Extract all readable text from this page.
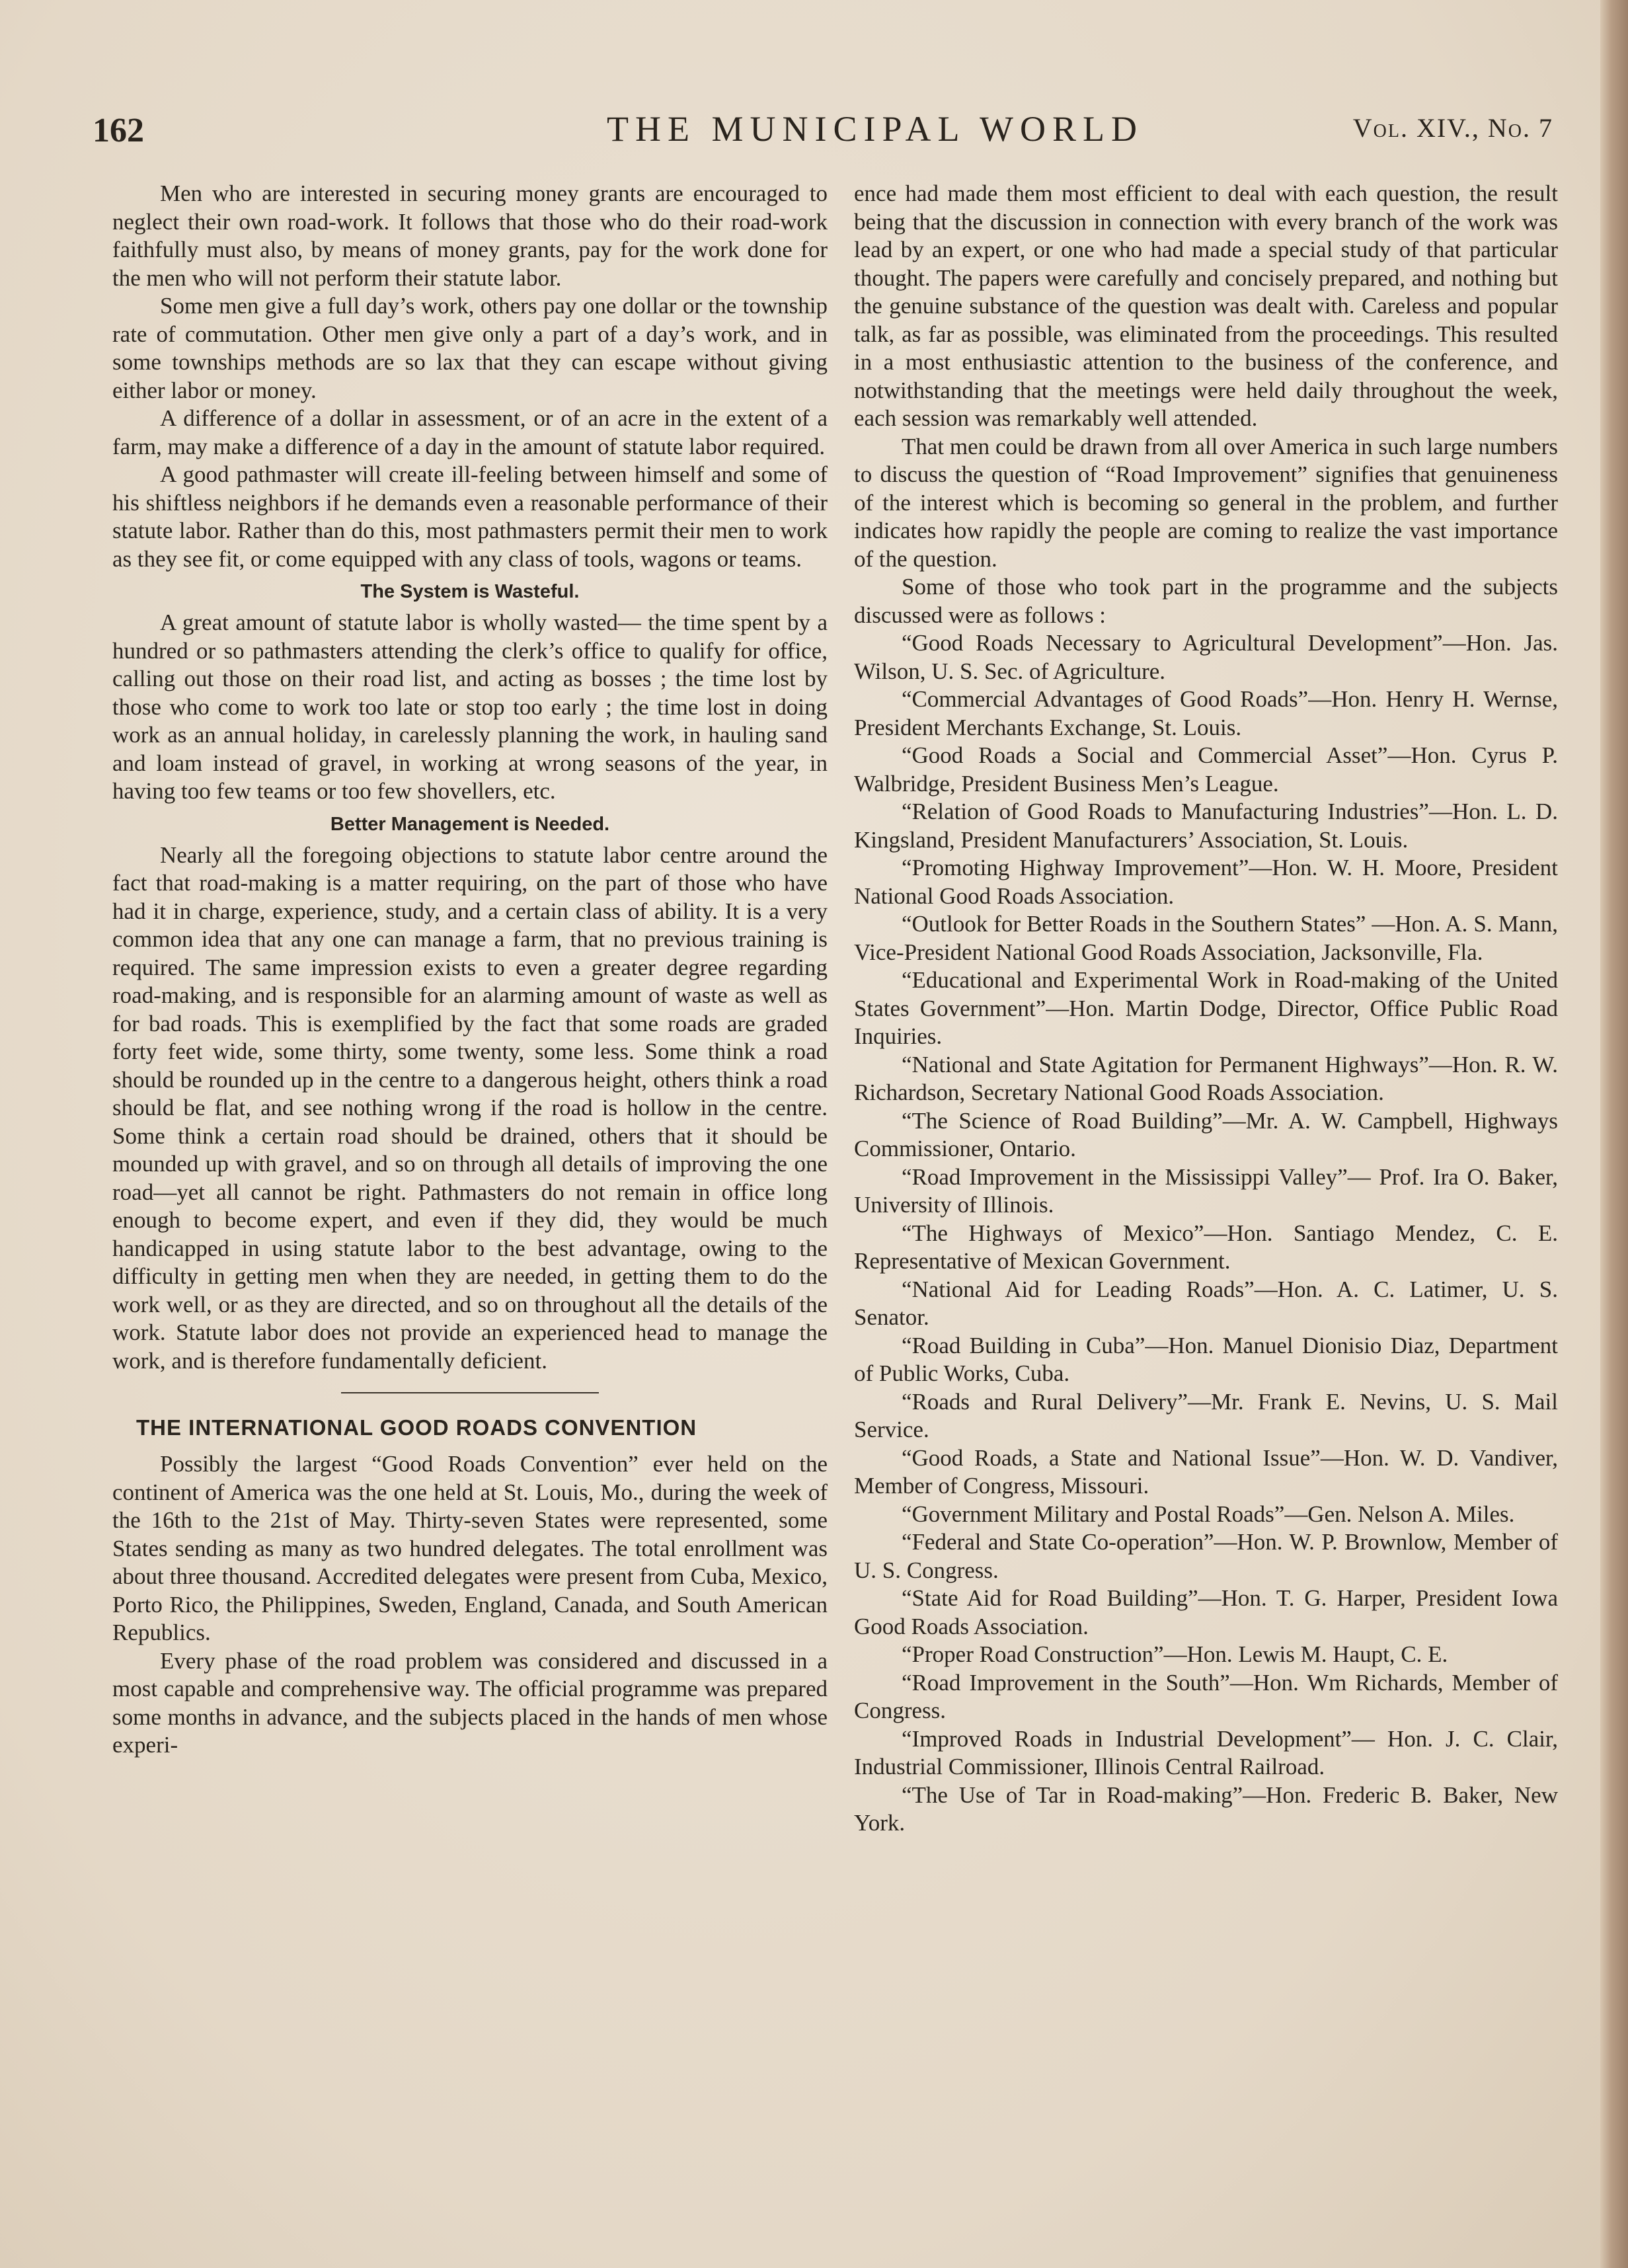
162	THE MUNICIPAL WORLD	Vol. XIV., No. 7

Men who are interested in securing money grants are encouraged to neglect their own road-work. It follows that those who do their road-work faithfully must also, by means of money grants, pay for the work done for the men who will not perform their statute labor.

Some men give a full day’s work, others pay one dollar or the township rate of commutation. Other men give only a part of a day’s work, and in some townships methods are so lax that they can escape without giving either labor or money.

A difference of a dollar in assessment, or of an acre in the extent of a farm, may make a difference of a day in the amount of statute labor required.

A good pathmaster will create ill-feeling between himself and some of his shiftless neighbors if he demands even a reasonable performance of their statute labor. Rather than do this, most pathmasters permit their men to work as they see fit, or come equipped with any class of tools, wagons or teams.

The System is Wasteful.

A great amount of statute labor is wholly wasted— the time spent by a hundred or so pathmasters attending the clerk’s office to qualify for office, calling out those on their road list, and acting as bosses ; the time lost by those who come to work too late or stop too early ; the time lost in doing work as an annual holiday, in carelessly planning the work, in hauling sand and loam instead of gravel, in working at wrong seasons of the year, in having too few teams or too few shovellers, etc.

Better Management is Needed.

Nearly all the foregoing objections to statute labor centre around the fact that road-making is a matter requiring, on the part of those who have had it in charge, experience, study, and a certain class of ability. It is a very common idea that any one can manage a farm, that no previous training is required. The same impression exists to even a greater degree regarding road-making, and is responsible for an alarming amount of waste as well as for bad roads. This is exemplified by the fact that some roads are graded forty feet wide, some thirty, some twenty, some less. Some think a road should be rounded up in the centre to a dangerous height, others think a road should be flat, and see nothing wrong if the road is hollow in the centre. Some think a certain road should be drained, others that it should be mounded up with gravel, and so on through all details of improving the one road—yet all cannot be right. Pathmasters do not remain in office long enough to become expert, and even if they did, they would be much handicapped in using statute labor to the best advantage, owing to the difficulty in getting men when they are needed, in getting them to do the work well, or as they are directed, and so on throughout all the details of the work. Statute labor does not provide an experienced head to manage the work, and is therefore fundamentally deficient.

THE INTERNATIONAL GOOD ROADS CONVENTION

Possibly the largest “Good Roads Convention” ever held on the continent of America was the one held at St. Louis, Mo., during the week of the 16th to the 21st of May. Thirty-seven States were represented, some States sending as many as two hundred delegates. The total enrollment was about three thousand. Accredited delegates were present from Cuba, Mexico, Porto Rico, the Philippines, Sweden, England, Canada, and South American Republics.

Every phase of the road problem was considered and discussed in a most capable and comprehensive way. The official programme was prepared some months in advance, and the subjects placed in the hands of men whose experi-

ence had made them most efficient to deal with each question, the result being that the discussion in connection with every branch of the work was lead by an expert, or one who had made a special study of that particular thought. The papers were carefully and concisely prepared, and nothing but the genuine substance of the question was dealt with. Careless and popular talk, as far as possible, was eliminated from the proceedings. This resulted in a most enthusiastic attention to the business of the conference, and notwithstanding that the meetings were held daily throughout the week, each session was remarkably well attended.

That men could be drawn from all over America in such large numbers to discuss the question of “Road Improvement” signifies that genuineness of the interest which is becoming so general in the problem, and further indicates how rapidly the people are coming to realize the vast importance of the question.

Some of those who took part in the programme and the subjects discussed were as follows :

“Good Roads Necessary to Agricultural Development”—Hon. Jas. Wilson, U. S. Sec. of Agriculture.

“Commercial Advantages of Good Roads”—Hon. Henry H. Wernse, President Merchants Exchange, St. Louis.

“Good Roads a Social and Commercial Asset”—Hon. Cyrus P. Walbridge, President Business Men’s League.

“Relation of Good Roads to Manufacturing Industries”—Hon. L. D. Kingsland, President Manufacturers’ Association, St. Louis.

“Promoting Highway Improvement”—Hon. W. H. Moore, President National Good Roads Association.

“Outlook for Better Roads in the Southern States” —Hon. A. S. Mann, Vice-President National Good Roads Association, Jacksonville, Fla.

“Educational and Experimental Work in Road-making of the United States Government”—Hon. Martin Dodge, Director, Office Public Road Inquiries.

“National and State Agitation for Permanent Highways”—Hon. R. W. Richardson, Secretary National Good Roads Association.

“The Science of Road Building”—Mr. A. W. Campbell, Highways Commissioner, Ontario.

“Road Improvement in the Mississippi Valley”— Prof. Ira O. Baker, University of Illinois.

“The Highways of Mexico”—Hon. Santiago Mendez, C. E. Representative of Mexican Government.

“National Aid for Leading Roads”—Hon. A. C. Latimer, U. S. Senator.

“Road Building in Cuba”—Hon. Manuel Dionisio Diaz, Department of Public Works, Cuba.

“Roads and Rural Delivery”—Mr. Frank E. Nevins, U. S. Mail Service.

“Good Roads, a State and National Issue”—Hon. W. D. Vandiver, Member of Congress, Missouri.

“Government Military and Postal Roads”—Gen. Nelson A. Miles.

“Federal and State Co-operation”—Hon. W. P. Brownlow, Member of U. S. Congress.

“State Aid for Road Building”—Hon. T. G. Harper, President Iowa Good Roads Association.

“Proper Road Construction”—Hon. Lewis M. Haupt, C. E.

“Road Improvement in the South”—Hon. Wm Richards, Member of Congress.

“Improved Roads in Industrial Development”— Hon. J. C. Clair, Industrial Commissioner, Illinois Central Railroad.

“The Use of Tar in Road-making”—Hon. Frederic B. Baker, New York.
